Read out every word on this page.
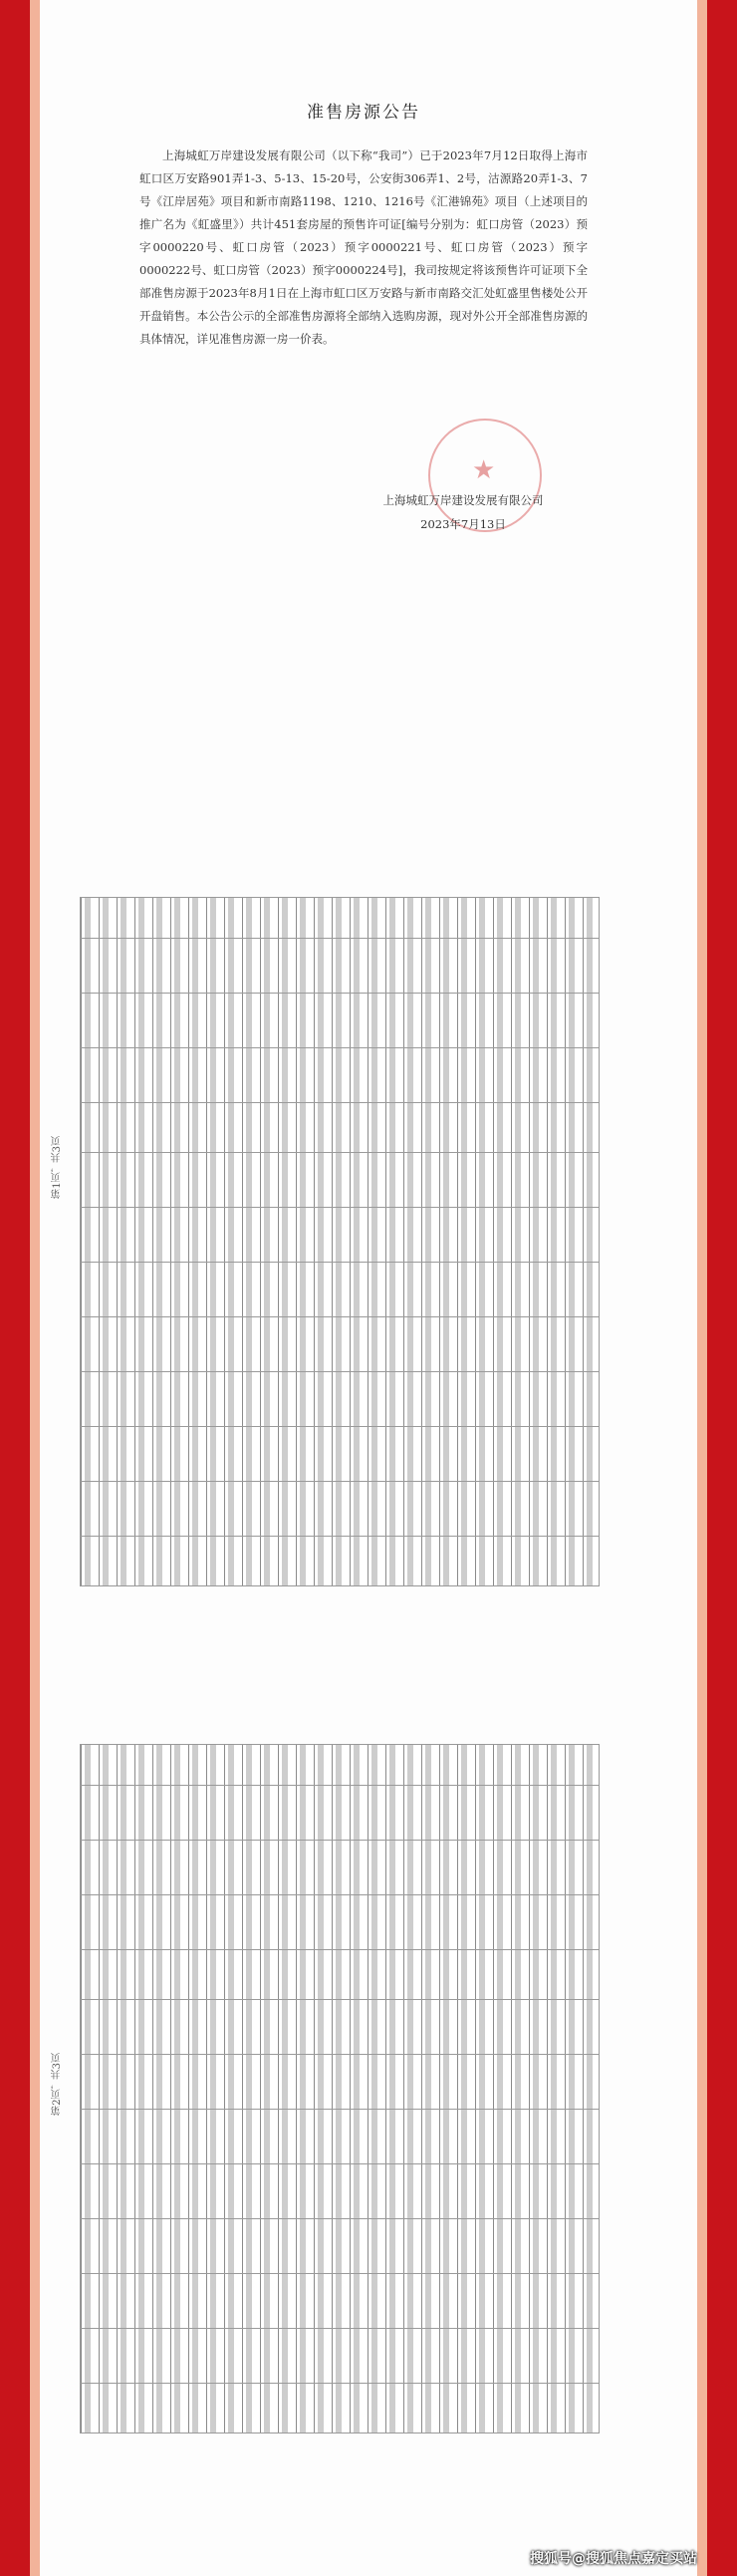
准售房源公告

上海城虹万岸建设发展有限公司（以下称“我司”）已于2023年7月12日取得上海市虹口区万安路901弄1-3、5-13、15-20号，公安街306弄1、2号，沽源路20弄1-3、7号《江岸居苑》项目和新市南路1198、1210、1216号《汇港锦苑》项目（上述项目的推广名为《虹盛里》）共计451套房屋的预售许可证[编号分别为：虹口房管（2023）预字0000220号、虹口房管（2023）预字0000221号、虹口房管（2023）预字0000222号、虹口房管（2023）预字0000224号]，我司按规定将该预售许可证项下全部准售房源于2023年8月1日在上海市虹口区万安路与新市南路交汇处虹盛里售楼处公开开盘销售。本公告公示的全部准售房源将全部纳入选购房源，现对外公开全部准售房源的具体情况，详见准售房源一房一价表。

★
上海城虹万岸建设发展有限公司
2023年7月13日
第1页，共3页
第2页，共3页
搜狐号@搜狐焦点嘉定买站
